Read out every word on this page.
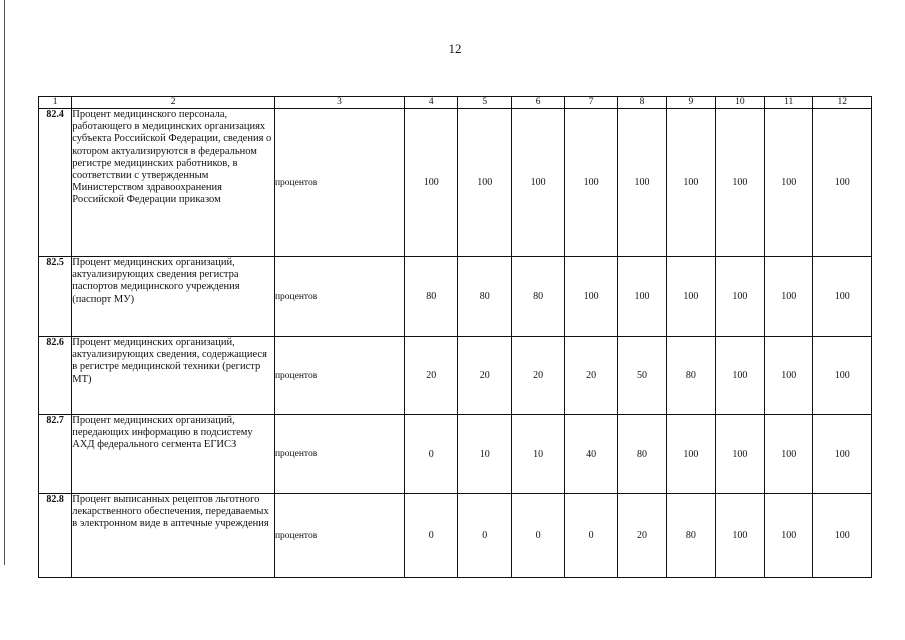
12
1	2	3	4	5	6	7	8	9	10	11	12
82.4	Процент медицинского персонала, работающего в медицинских организациях субъекта Российской Федерации, сведения о котором актуализируются в федеральном регистре медицинских работников, в соответствии с утвержденным Министерством здравоохранения Российской Федерации приказом	процентов	100	100	100	100	100	100	100	100	100
82.5	Процент медицинских организаций, актуализирующих сведения регистра паспортов медицинского учреждения (паспорт МУ)	процентов	80	80	80	100	100	100	100	100	100
82.6	Процент медицинских организаций, актуализирующих сведения, содержащиеся в регистре медицинской техники (регистр МТ)	процентов	20	20	20	20	50	80	100	100	100
82.7	Процент медицинских организаций, передающих информацию в подсистему АХД федерального сегмента ЕГИСЗ	процентов	0	10	10	40	80	100	100	100	100
82.8	Процент выписанных рецептов льготного лекарственного обеспечения, передаваемых в электронном виде в аптечные учреждения	процентов	0	0	0	0	20	80	100	100	100
